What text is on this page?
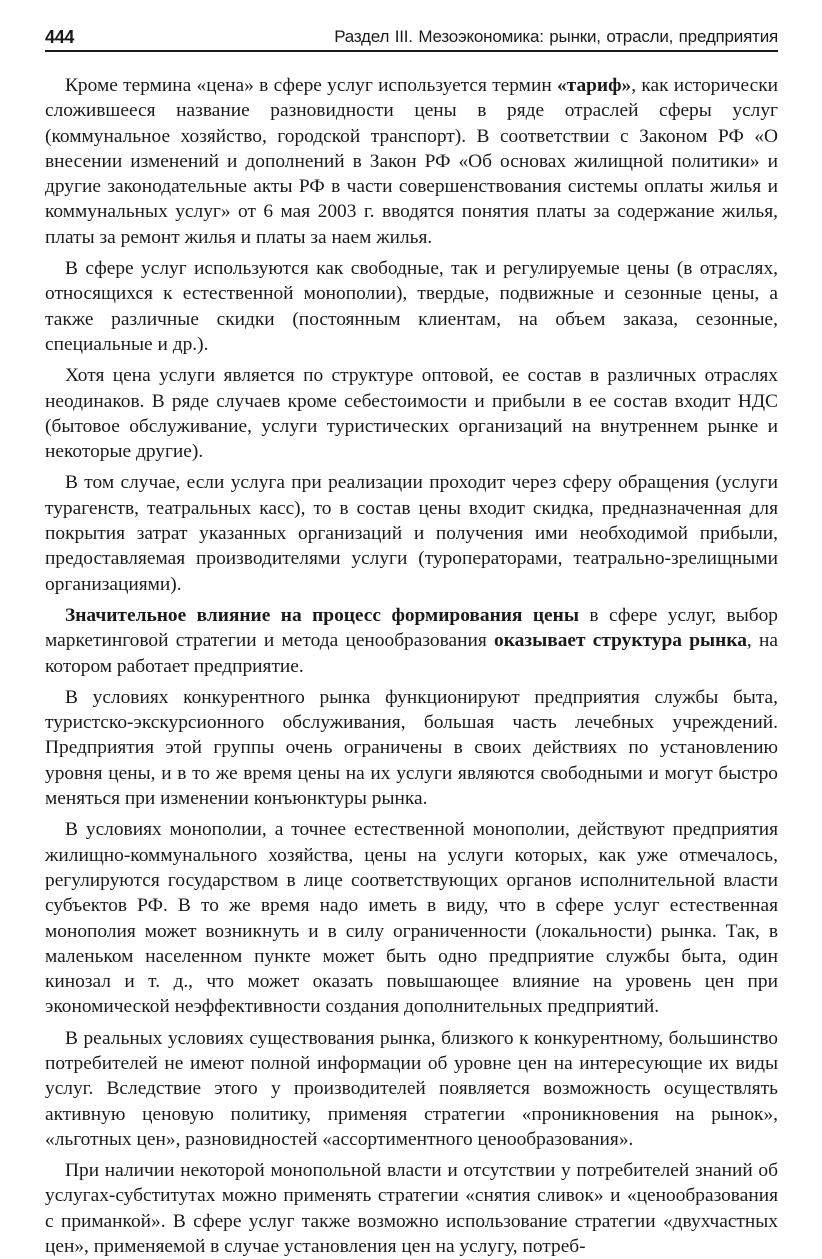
444	Раздел III. Мезоэкономика: рынки, отрасли, предприятия

Кроме термина «цена» в сфере услуг используется термин «тариф», как исторически сложившееся название разновидности цены в ряде отраслей сферы услуг (коммунальное хозяйство, городской транспорт). В соответствии с Законом РФ «О внесении изменений и дополнений в Закон РФ «Об основах жилищной политики» и другие законодательные акты РФ в части совершенствования системы оплаты жилья и коммунальных услуг» от 6 мая 2003 г. вводятся понятия платы за содержание жилья, платы за ремонт жилья и платы за наем жилья.

В сфере услуг используются как свободные, так и регулируемые цены (в отраслях, относящихся к естественной монополии), твердые, подвижные и сезонные цены, а также различные скидки (постоянным клиентам, на объем заказа, сезонные, специальные и др.).

Хотя цена услуги является по структуре оптовой, ее состав в различных отраслях неодинаков. В ряде случаев кроме себестоимости и прибыли в ее состав входит НДС (бытовое обслуживание, услуги туристических организаций на внутреннем рынке и некоторые другие).

В том случае, если услуга при реализации проходит через сферу обращения (услуги турагенств, театральных касс), то в состав цены входит скидка, предназначенная для покрытия затрат указанных организаций и получения ими необходимой прибыли, предоставляемая производителями услуги (туроператорами, театрально-зрелищными организациями).

Значительное влияние на процесс формирования цены в сфере услуг, выбор маркетинговой стратегии и метода ценообразования оказывает структура рынка, на котором работает предприятие.

В условиях конкурентного рынка функционируют предприятия службы быта, туристско-экскурсионного обслуживания, большая часть лечебных учреждений. Предприятия этой группы очень ограничены в своих действиях по установлению уровня цены, и в то же время цены на их услуги являются свободными и могут быстро меняться при изменении конъюнктуры рынка.

В условиях монополии, а точнее естественной монополии, действуют предприятия жилищно-коммунального хозяйства, цены на услуги которых, как уже отмечалось, регулируются государством в лице соответствующих органов исполнительной власти субъектов РФ. В то же время надо иметь в виду, что в сфере услуг естественная монополия может возникнуть и в силу ограниченности (локальности) рынка. Так, в маленьком населенном пункте может быть одно предприятие службы быта, один кинозал и т. д., что может оказать повышающее влияние на уровень цен при экономической неэффективности создания дополнительных предприятий.

В реальных условиях существования рынка, близкого к конкурентному, большинство потребителей не имеют полной информации об уровне цен на интересующие их виды услуг. Вследствие этого у производителей появляется возможность осуществлять активную ценовую политику, применяя стратегии «проникновения на рынок», «льготных цен», разновидностей «ассортиментного ценообразования».

При наличии некоторой монопольной власти и отсутствии у потребителей знаний об услугах-субститутах можно применять стратегии «снятия сливок» и «ценообразования с приманкой». В сфере услуг также возможно использование стратегии «двухчастных цен», применяемой в случае установления цен на услугу, потреб-
